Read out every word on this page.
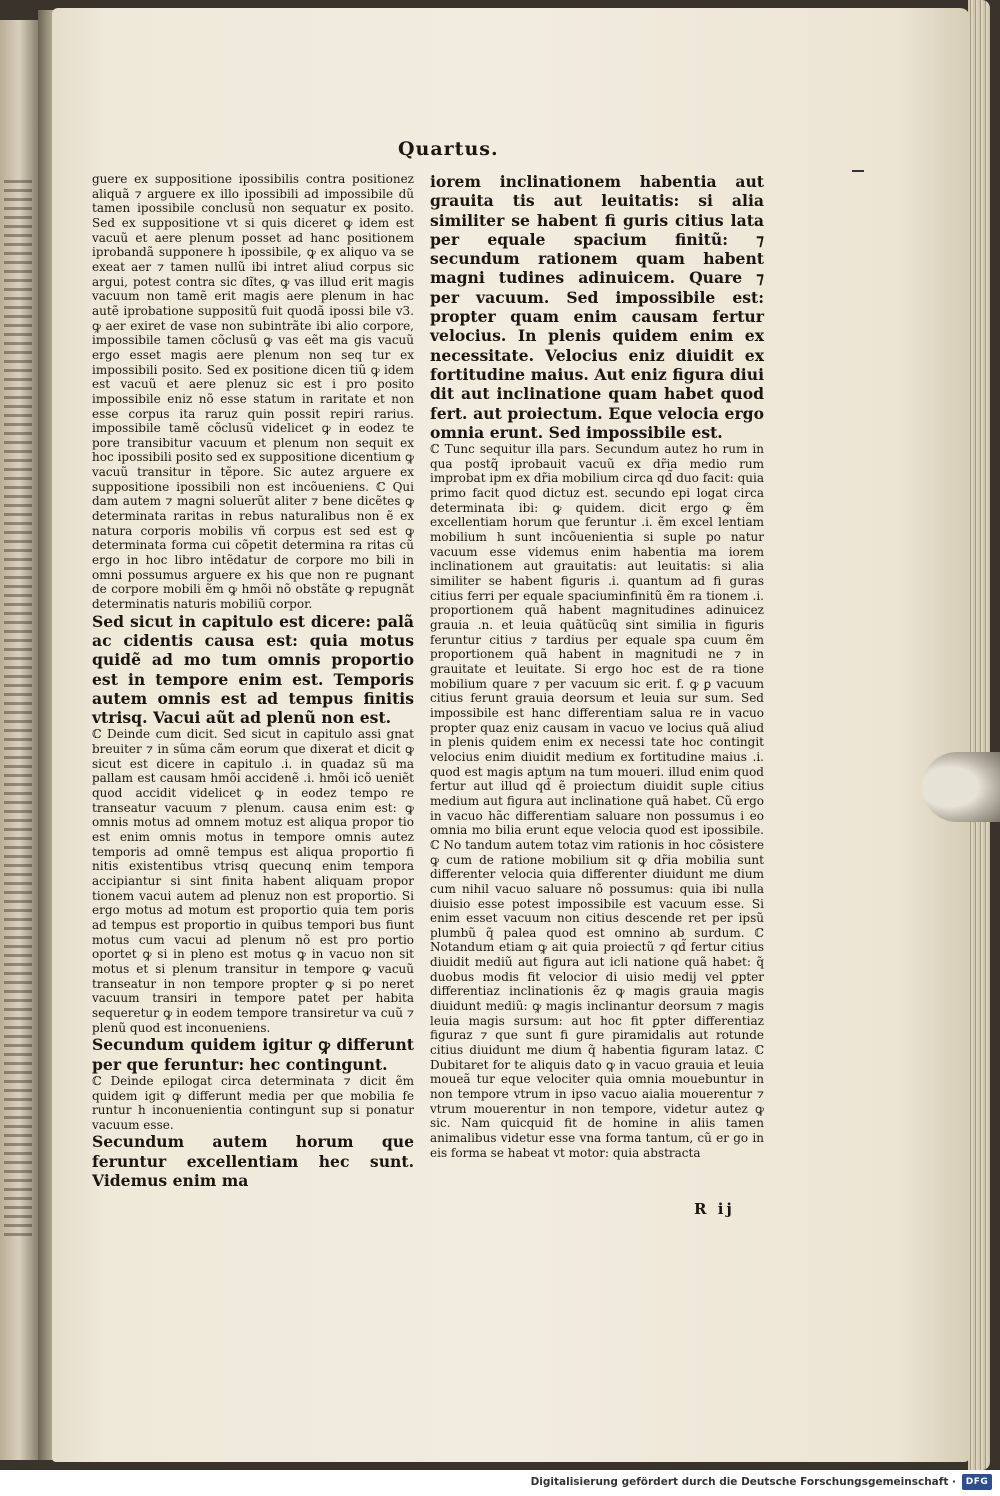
Quartus.

guere ex suppositione ipossibilis contra positionez aliquã ⁊ arguere ex illo ipossibili ad impossibile dũ tamen ipossibile conclusũ non sequatur ex posito. Sed ex suppositione vt si quis diceret ꝙ idem est vacuũ et aere plenum posset ad hanc positionem iprobandã supponere h ipossibile, ꝙ ex aliquo va se exeat aer ⁊ tamen nullũ ibi intret aliud corpus sic argui, potest contra sic dĩtes, ꝙ vas illud erit magis vacuum non tamẽ erit magis aere plenum in hac autẽ iprobatione suppositũ fuit quodã ipossi bile v3. ꝙ aer exiret de vase non subintrãte ibi alio corpore, impossibile tamen cõclusũ ꝙ vas eẽt ma gis vacuũ ergo esset magis aere plenum non seq tur ex impossibili posito. Sed ex positione dicen tiũ ꝙ idem est vacuũ et aere plenuz sic est i pro posito impossibile eniz nõ esse statum in raritate et non esse corpus ita raruz quin possit repiri rarius. impossibile tamẽ cõclusũ videlicet ꝙ in eodez te pore transibitur vacuum et plenum non sequit ex hoc ipossibili posito sed ex suppositione dicentium ꝙ vacuũ transitur in tẽpore. Sic autez arguere ex suppositione ipossibili non est incõueniens. ℂ Qui dam autem ⁊ magni soluerũt aliter ⁊ bene dicẽtes ꝙ determinata raritas in rebus naturalibus non ẽ ex natura corporis mobilis vñ corpus est sed est ꝙ determinata forma cui cõpetit determina ra ritas cũ ergo in hoc libro intẽdatur de corpore mo bili in omni possumus arguere ex his que non re pugnant de corpore mobili ẽm ꝙ hmõi nõ obstãte ꝙ repugnãt determinatis naturis mobiliũ corpor.

Sed sicut in capitulo est dicere: palã ac cidentis causa est: quia motus quidẽ ad mo tum omnis proportio est in tempore enim est. Temporis autem omnis est ad tempus finitis vtrisq. Vacui aũt ad plenũ non est.

ℂ Deinde cum dicit. Sed sicut in capitulo assi gnat breuiter ⁊ in sũma cãm eorum que dixerat et dicit ꝙ sicut est dicere in capitulo .i. in quadaz sũ ma pallam est causam hmõi accidenẽ .i. hmõi icõ ueniẽt quod accidit videlicet ꝙ in eodez tempo re transeatur vacuum ⁊ plenum. causa enim est: ꝙ omnis motus ad omnem motuz est aliqua propor tio est enim omnis motus in tempore omnis autez temporis ad omnẽ tempus est aliqua proportio fi nitis existentibus vtrisq quecunq enim tempora accipiantur si sint finita habent aliquam propor tionem vacui autem ad plenuz non est proportio. Si ergo motus ad motum est proportio quia tem poris ad tempus est proportio in quibus tempori bus fiunt motus cum vacui ad plenum nõ est pro portio oportet ꝙ si in pleno est motus ꝙ in vacuo non sit motus et si plenum transitur in tempore ꝙ vacuũ transeatur in non tempore propter ꝙ si po neret vacuum transiri in tempore patet per habita sequeretur ꝙ in eodem tempore transiretur va cuũ ⁊ plenũ quod est inconueniens.

Secundum quidem igitur ꝙ differunt per que feruntur: hec contingunt.

ℂ Deinde epilogat circa determinata ⁊ dicit ẽm quidem igit ꝙ differunt media per que mobilia fe runtur h inconuenientia contingunt sup si ponatur vacuum esse.

Secundum autem horum que feruntur excellentiam hec sunt. Videmus enim ma

iorem inclinationem habentia aut grauita tis aut leuitatis: si alia similiter se habent fi guris citius lata per equale spacium finitũ: ⁊ secundum rationem quam habent magni tudines adinuicem. Quare ⁊ per vacuum. Sed impossibile est: propter quam enim causam fertur velocius. In plenis quidem enim ex necessitate. Velocius eniz diuidit ex fortitudine maius. Aut eniz figura diui dit aut inclinatione quam habet quod fert. aut proiectum. Eque velocia ergo omnia erunt. Sed impossibile est.

ℂ Tunc sequitur illa pars. Secundum autez ho rum in qua postq̃ iprobauit vacuũ ex dr̃ia medio rum improbat ipm ex dr̃ia mobilium circa qd̃ duo facit: quia primo facit quod dictuz est. secundo epi logat circa determinata ibi: ꝙ quidem. dicit ergo ꝙ ẽm excellentiam horum que feruntur .i. ẽm excel lentiam mobilium h sunt incõuenientia si suple po natur vacuum esse videmus enim habentia ma iorem inclinationem aut grauitatis: aut leuitatis: si alia similiter se habent figuris .i. quantum ad fi guras citius ferri per equale spaciuminfinitũ ẽm ra tionem .i. proportionem quã habent magnitudines adinuicez grauia .n. et leuia quãtũcũq sint similia in figuris feruntur citius ⁊ tardius per equale spa cuum ẽm proportionem quã habent in magnitudi ne ⁊ in grauitate et leuitate. Si ergo hoc est de ra tione mobilium quare ⁊ per vacuum sic erit. f. ꝙ ꝑ vacuum citius ferunt grauia deorsum et leuia sur sum. Sed impossibile est hanc differentiam salua re in vacuo propter quaz eniz causam in vacuo ve locius quã aliud in plenis quidem enim ex necessi tate hoc contingit velocius enim diuidit medium ex fortitudine maius .i. quod est magis aptum na tum moueri. illud enim quod fertur aut illud qd̃ ẽ proiectum diuidit suple citius medium aut figura aut inclinatione quã habet. Cũ ergo in vacuo hãc differentiam saluare non possumus i eo omnia mo bilia erunt eque velocia quod est ipossibile. ℂ No tandum autem totaz vim rationis in hoc cõsistere ꝙ cum de ratione mobilium sit ꝙ dr̃ia mobilia sunt differenter velocia quia differenter diuidunt me dium cum nihil vacuo saluare nõ possumus: quia ibi nulla diuisio esse potest impossibile est vacuum esse. Si enim esset vacuum non citius descende ret per ipsũ plumbũ q̃ palea quod est omnino ab surdum. ℂ Notandum etiam ꝙ ait quia proiectũ ⁊ qd̃ fertur citius diuidit mediũ aut figura aut icli natione quã habet: q̃ duobus modis fit velocior di uisio medij vel ꝑpter differentiaz inclinationis ẽz ꝙ magis grauia magis diuidunt mediũ: ꝙ magis inclinantur deorsum ⁊ magis leuia magis sursum: aut hoc fit ꝑpter differentiaz figuraz ⁊ que sunt fi gure piramidalis aut rotunde citius diuidunt me dium q̃ habentia figuram lataz. ℂ Dubitaret for te aliquis dato ꝙ in vacuo grauia et leuia moueã tur eque velociter quia omnia mouebuntur in non tempore vtrum in ipso vacuo aialia mouerentur ⁊ vtrum mouerentur in non tempore, videtur autez ꝙ sic. Nam quicquid fit de homine in aliis tamen animalibus videtur esse vna forma tantum, cũ er go in eis forma se habeat vt motor: quia abstracta

R ij
Digitalisierung gefördert durch die Deutsche Forschungsgemeinschaft ·	DFG
